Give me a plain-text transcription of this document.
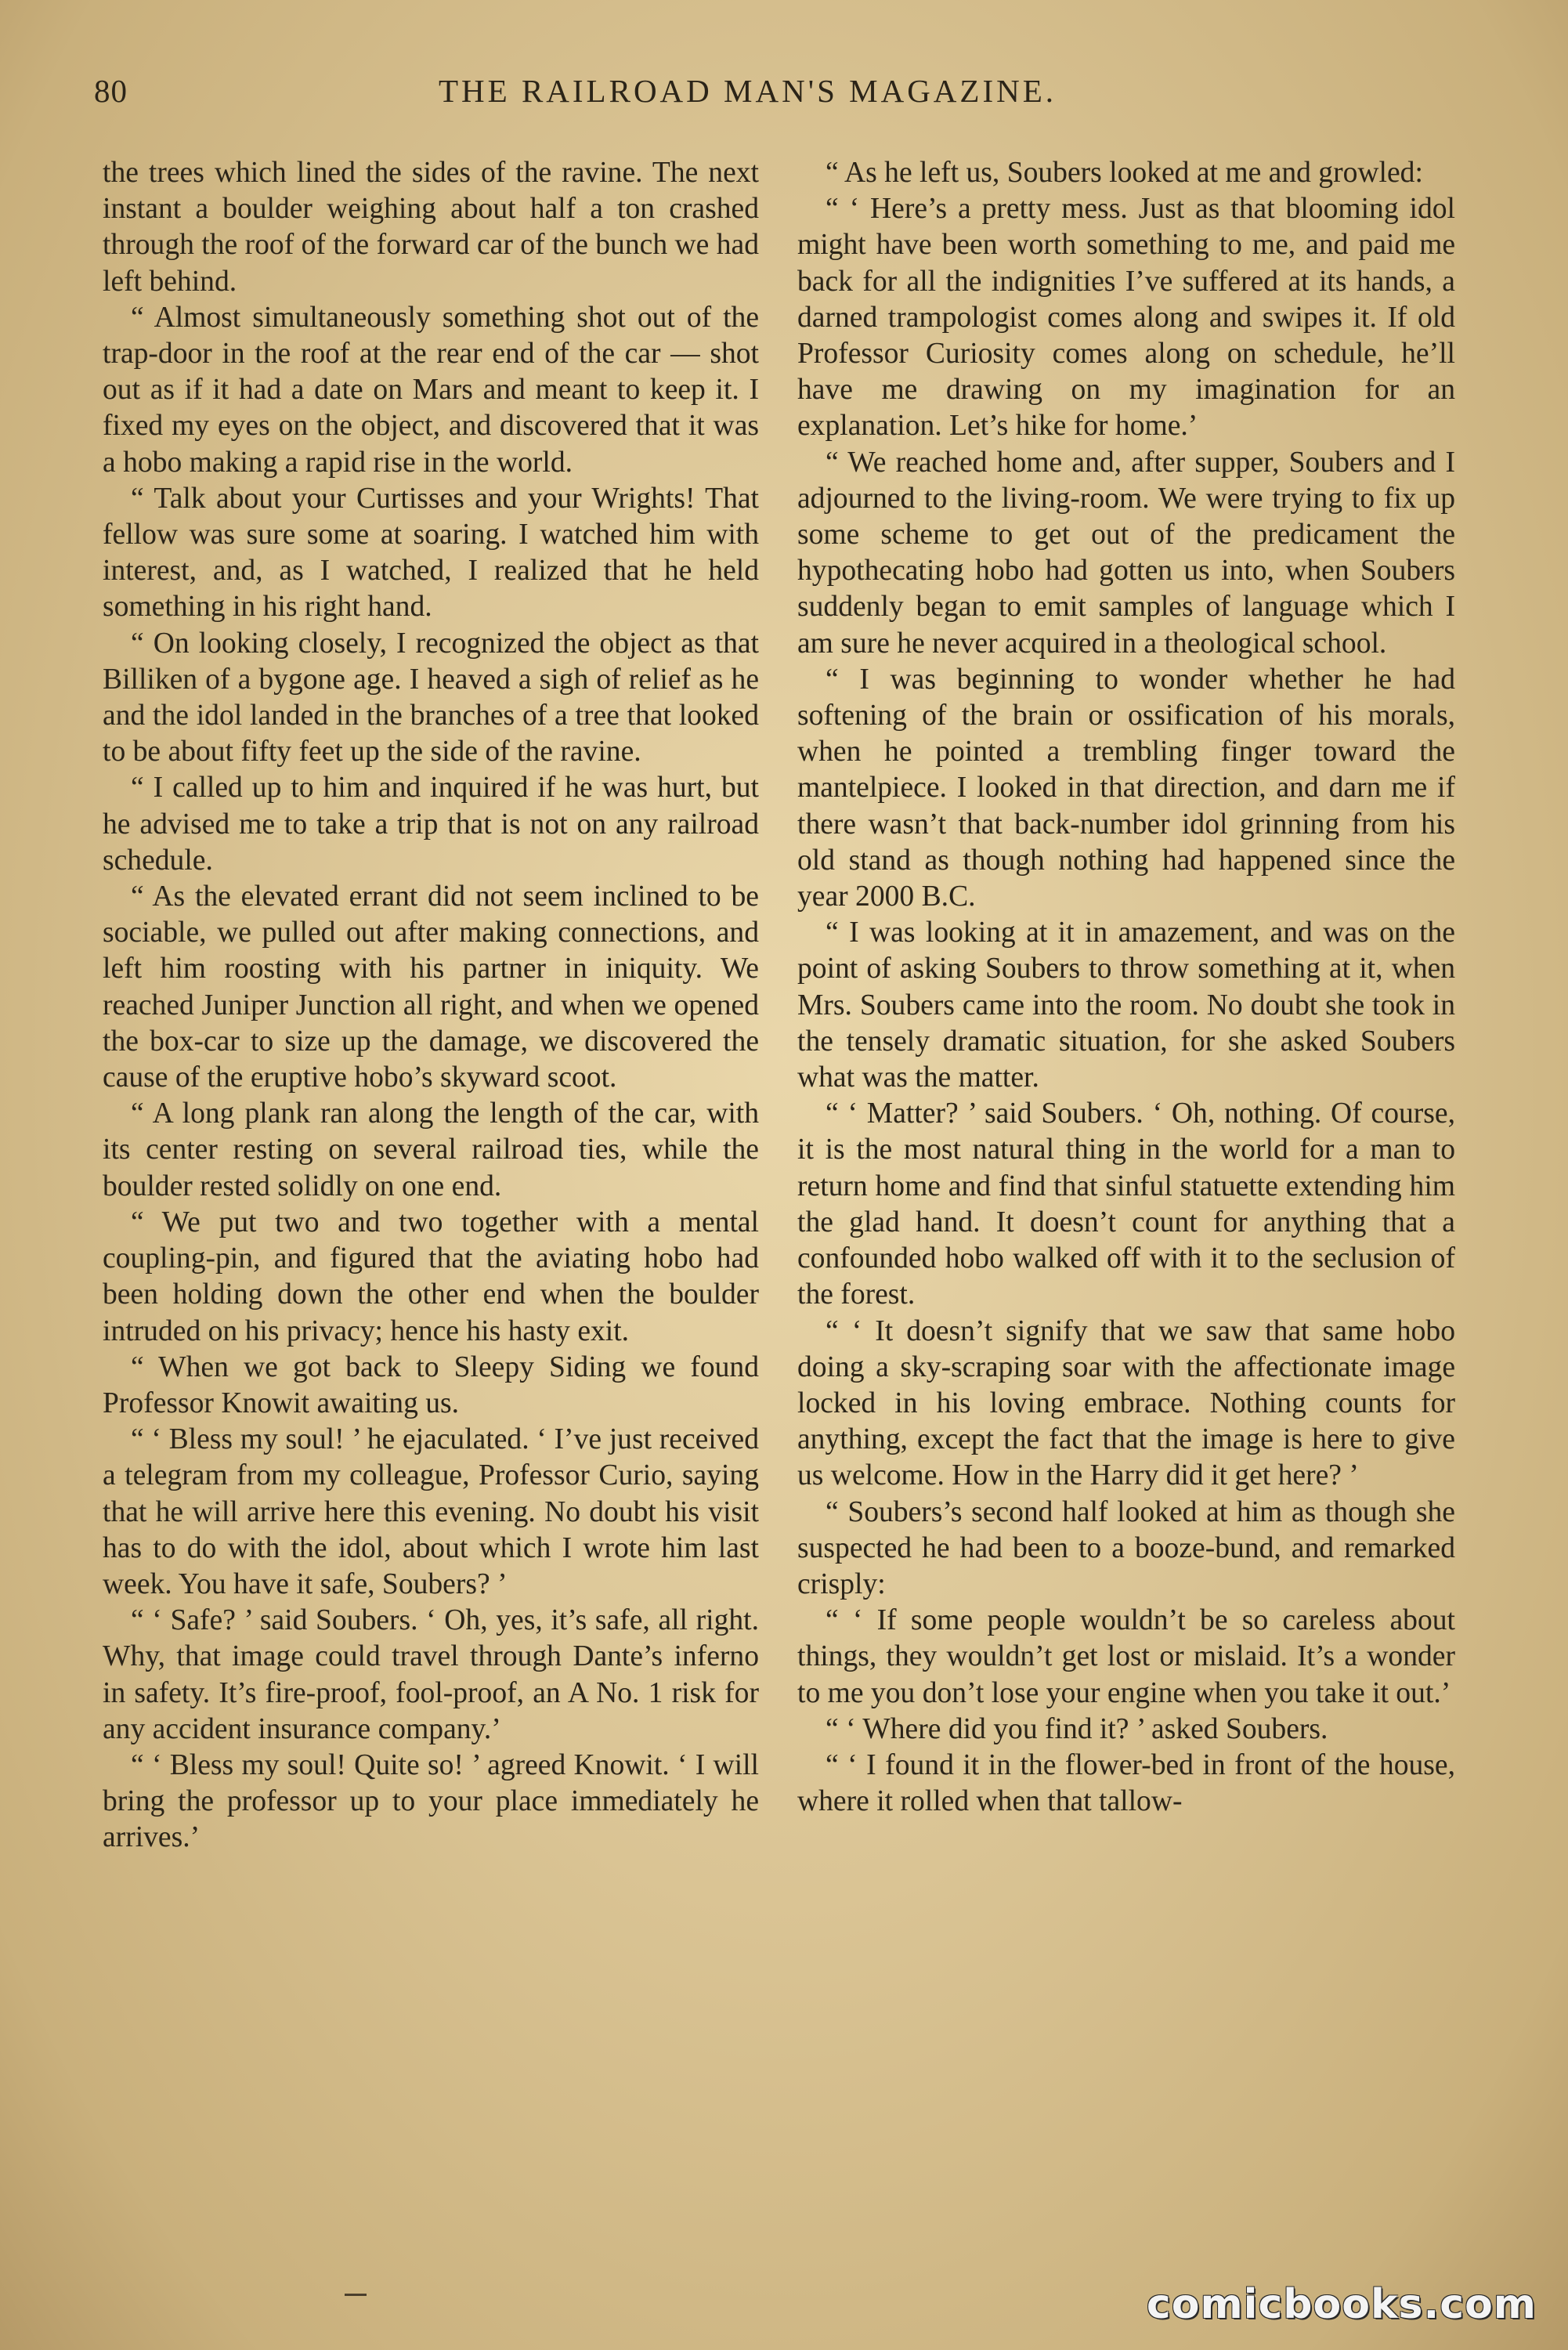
80	THE RAILROAD MAN'S MAGAZINE.

the trees which lined the sides of the ravine. The next instant a boulder weighing about half a ton crashed through the roof of the forward car of the bunch we had left behind.

“ Almost simultaneously something shot out of the trap-door in the roof at the rear end of the car — shot out as if it had a date on Mars and meant to keep it. I fixed my eyes on the object, and discovered that it was a hobo making a rapid rise in the world.

“ Talk about your Curtisses and your Wrights! That fellow was sure some at soaring. I watched him with interest, and, as I watched, I realized that he held something in his right hand.

“ On looking closely, I recognized the object as that Billiken of a bygone age. I heaved a sigh of relief as he and the idol landed in the branches of a tree that looked to be about fifty feet up the side of the ravine.

“ I called up to him and inquired if he was hurt, but he advised me to take a trip that is not on any railroad schedule.

“ As the elevated errant did not seem inclined to be sociable, we pulled out after making connections, and left him roosting with his partner in iniquity. We reached Juniper Junction all right, and when we opened the box-car to size up the damage, we discovered the cause of the eruptive hobo’s skyward scoot.

“ A long plank ran along the length of the car, with its center resting on several railroad ties, while the boulder rested solidly on one end.

“ We put two and two together with a mental coupling-pin, and figured that the aviating hobo had been holding down the other end when the boulder intruded on his privacy; hence his hasty exit.

“ When we got back to Sleepy Siding we found Professor Knowit awaiting us.

“ ‘ Bless my soul! ’ he ejaculated. ‘ I’ve just received a telegram from my colleague, Professor Curio, saying that he will arrive here this evening. No doubt his visit has to do with the idol, about which I wrote him last week. You have it safe, Soubers? ’

“ ‘ Safe? ’ said Soubers. ‘ Oh, yes, it’s safe, all right. Why, that image could travel through Dante’s inferno in safety. It’s fire-proof, fool-proof, an A No. 1 risk for any accident insurance company.’

“ ‘ Bless my soul! Quite so! ’ agreed Knowit. ‘ I will bring the professor up to your place immediately he arrives.’

“ As he left us, Soubers looked at me and growled:

“ ‘ Here’s a pretty mess. Just as that blooming idol might have been worth something to me, and paid me back for all the indignities I’ve suffered at its hands, a darned trampologist comes along and swipes it. If old Professor Curiosity comes along on schedule, he’ll have me drawing on my imagination for an explanation. Let’s hike for home.’

“ We reached home and, after supper, Soubers and I adjourned to the living-room. We were trying to fix up some scheme to get out of the predicament the hypothecating hobo had gotten us into, when Soubers suddenly began to emit samples of language which I am sure he never acquired in a theological school.

“ I was beginning to wonder whether he had softening of the brain or ossification of his morals, when he pointed a trembling finger toward the mantelpiece. I looked in that direction, and darn me if there wasn’t that back-number idol grinning from his old stand as though nothing had happened since the year 2000 B.C.

“ I was looking at it in amazement, and was on the point of asking Soubers to throw something at it, when Mrs. Soubers came into the room. No doubt she took in the tensely dramatic situation, for she asked Soubers what was the matter.

“ ‘ Matter? ’ said Soubers. ‘ Oh, nothing. Of course, it is the most natural thing in the world for a man to return home and find that sinful statuette extending him the glad hand. It doesn’t count for anything that a confounded hobo walked off with it to the seclusion of the forest.

“ ‘ It doesn’t signify that we saw that same hobo doing a sky-scraping soar with the affectionate image locked in his loving embrace. Nothing counts for anything, except the fact that the image is here to give us welcome. How in the Harry did it get here? ’

“ Soubers’s second half looked at him as though she suspected he had been to a booze-bund, and remarked crisply:

“ ‘ If some people wouldn’t be so careless about things, they wouldn’t get lost or mislaid. It’s a wonder to me you don’t lose your engine when you take it out.’

“ ‘ Where did you find it? ’ asked Soubers.

“ ‘ I found it in the flower-bed in front of the house, where it rolled when that tallow-

comicbooks.com
